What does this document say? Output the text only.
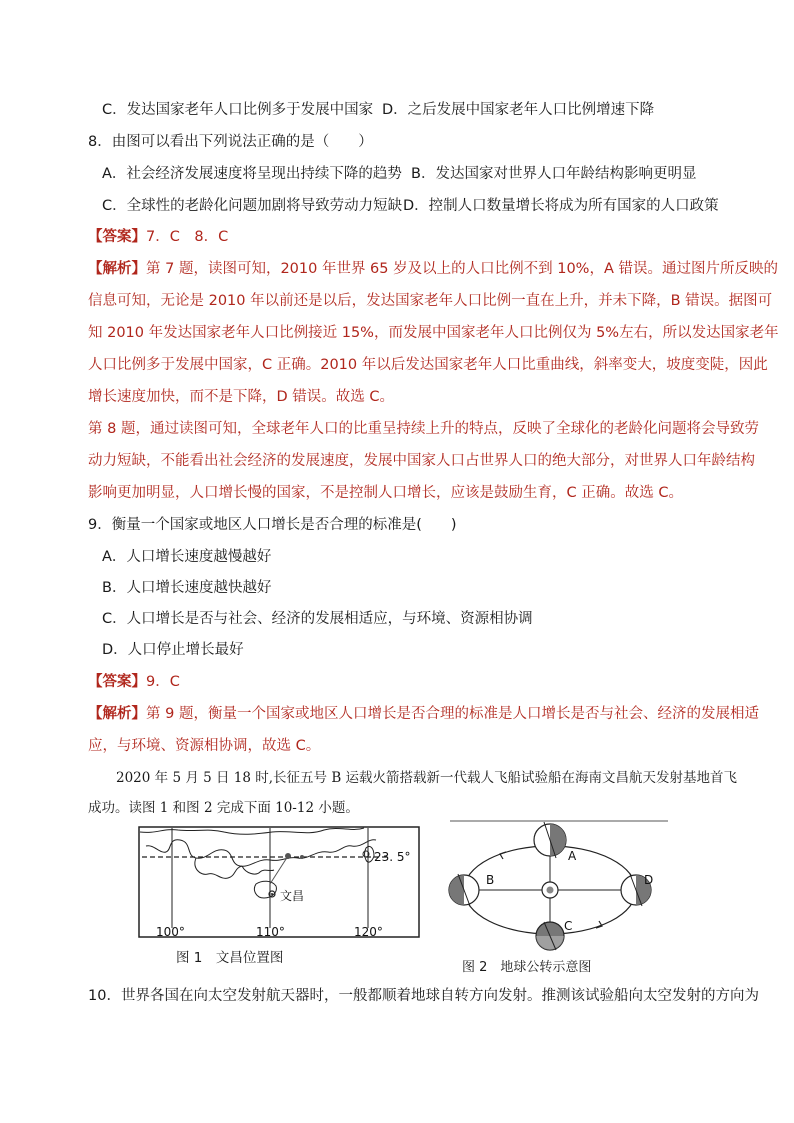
C．发达国家老年人口比例多于发展中国家 D．之后发展中国家老年人口比例增速下降
8．由图可以看出下列说法正确的是（　　）
A．社会经济发展速度将呈现出持续下降的趋势 B．发达国家对世界人口年龄结构影响更明显
C．全球性的老龄化问题加剧将导致劳动力短缺 D．控制人口数量增长将成为所有国家的人口政策
【答案】7．C　8．C
【解析】第 7 题，读图可知，2010 年世界 65 岁及以上的人口比例不到 10%，A 错误。通过图片所反映的
信息可知，无论是 2010 年以前还是以后，发达国家老年人口比例一直在上升，并未下降，B 错误。据图可
知 2010 年发达国家老年人口比例接近 15%，而发展中国家老年人口比例仅为 5%左右，所以发达国家老年
人口比例多于发展中国家，C 正确。2010 年以后发达国家老年人口比重曲线，斜率变大，坡度变陡，因此
增长速度加快，而不是下降，D 错误。故选 C。
第 8 题，通过读图可知，全球老年人口的比重呈持续上升的特点，反映了全球化的老龄化问题将会导致劳
动力短缺，不能看出社会经济的发展速度，发展中国家人口占世界人口的绝大部分，对世界人口年龄结构
影响更加明显，人口增长慢的国家，不是控制人口增长，应该是鼓励生育，C 正确。故选 C。
9．衡量一个国家或地区人口增长是否合理的标准是(　　)
A．人口增长速度越慢越好
B．人口增长速度越快越好
C．人口增长是否与社会、经济的发展相适应，与环境、资源相协调
D．人口停止增长最好
【答案】9．C
【解析】第 9 题，衡量一个国家或地区人口增长是否合理的标准是人口增长是否与社会、经济的发展相适
应，与环境、资源相协调，故选 C。
2020 年 5 月 5 日 18 时,长征五号 B 运载火箭搭载新一代载人飞船试验船在海南文昌航天发射基地首飞
成功。读图 1 和图 2 完成下面 10-12 小题。
文昌
23. 5°
100°	110°	120°
图 1　文昌位置图
A
B
C
D
图 2　地球公转示意图
10．世界各国在向太空发射航天器时，一般都顺着地球自转方向发射。推测该试验船向太空发射的方向为
